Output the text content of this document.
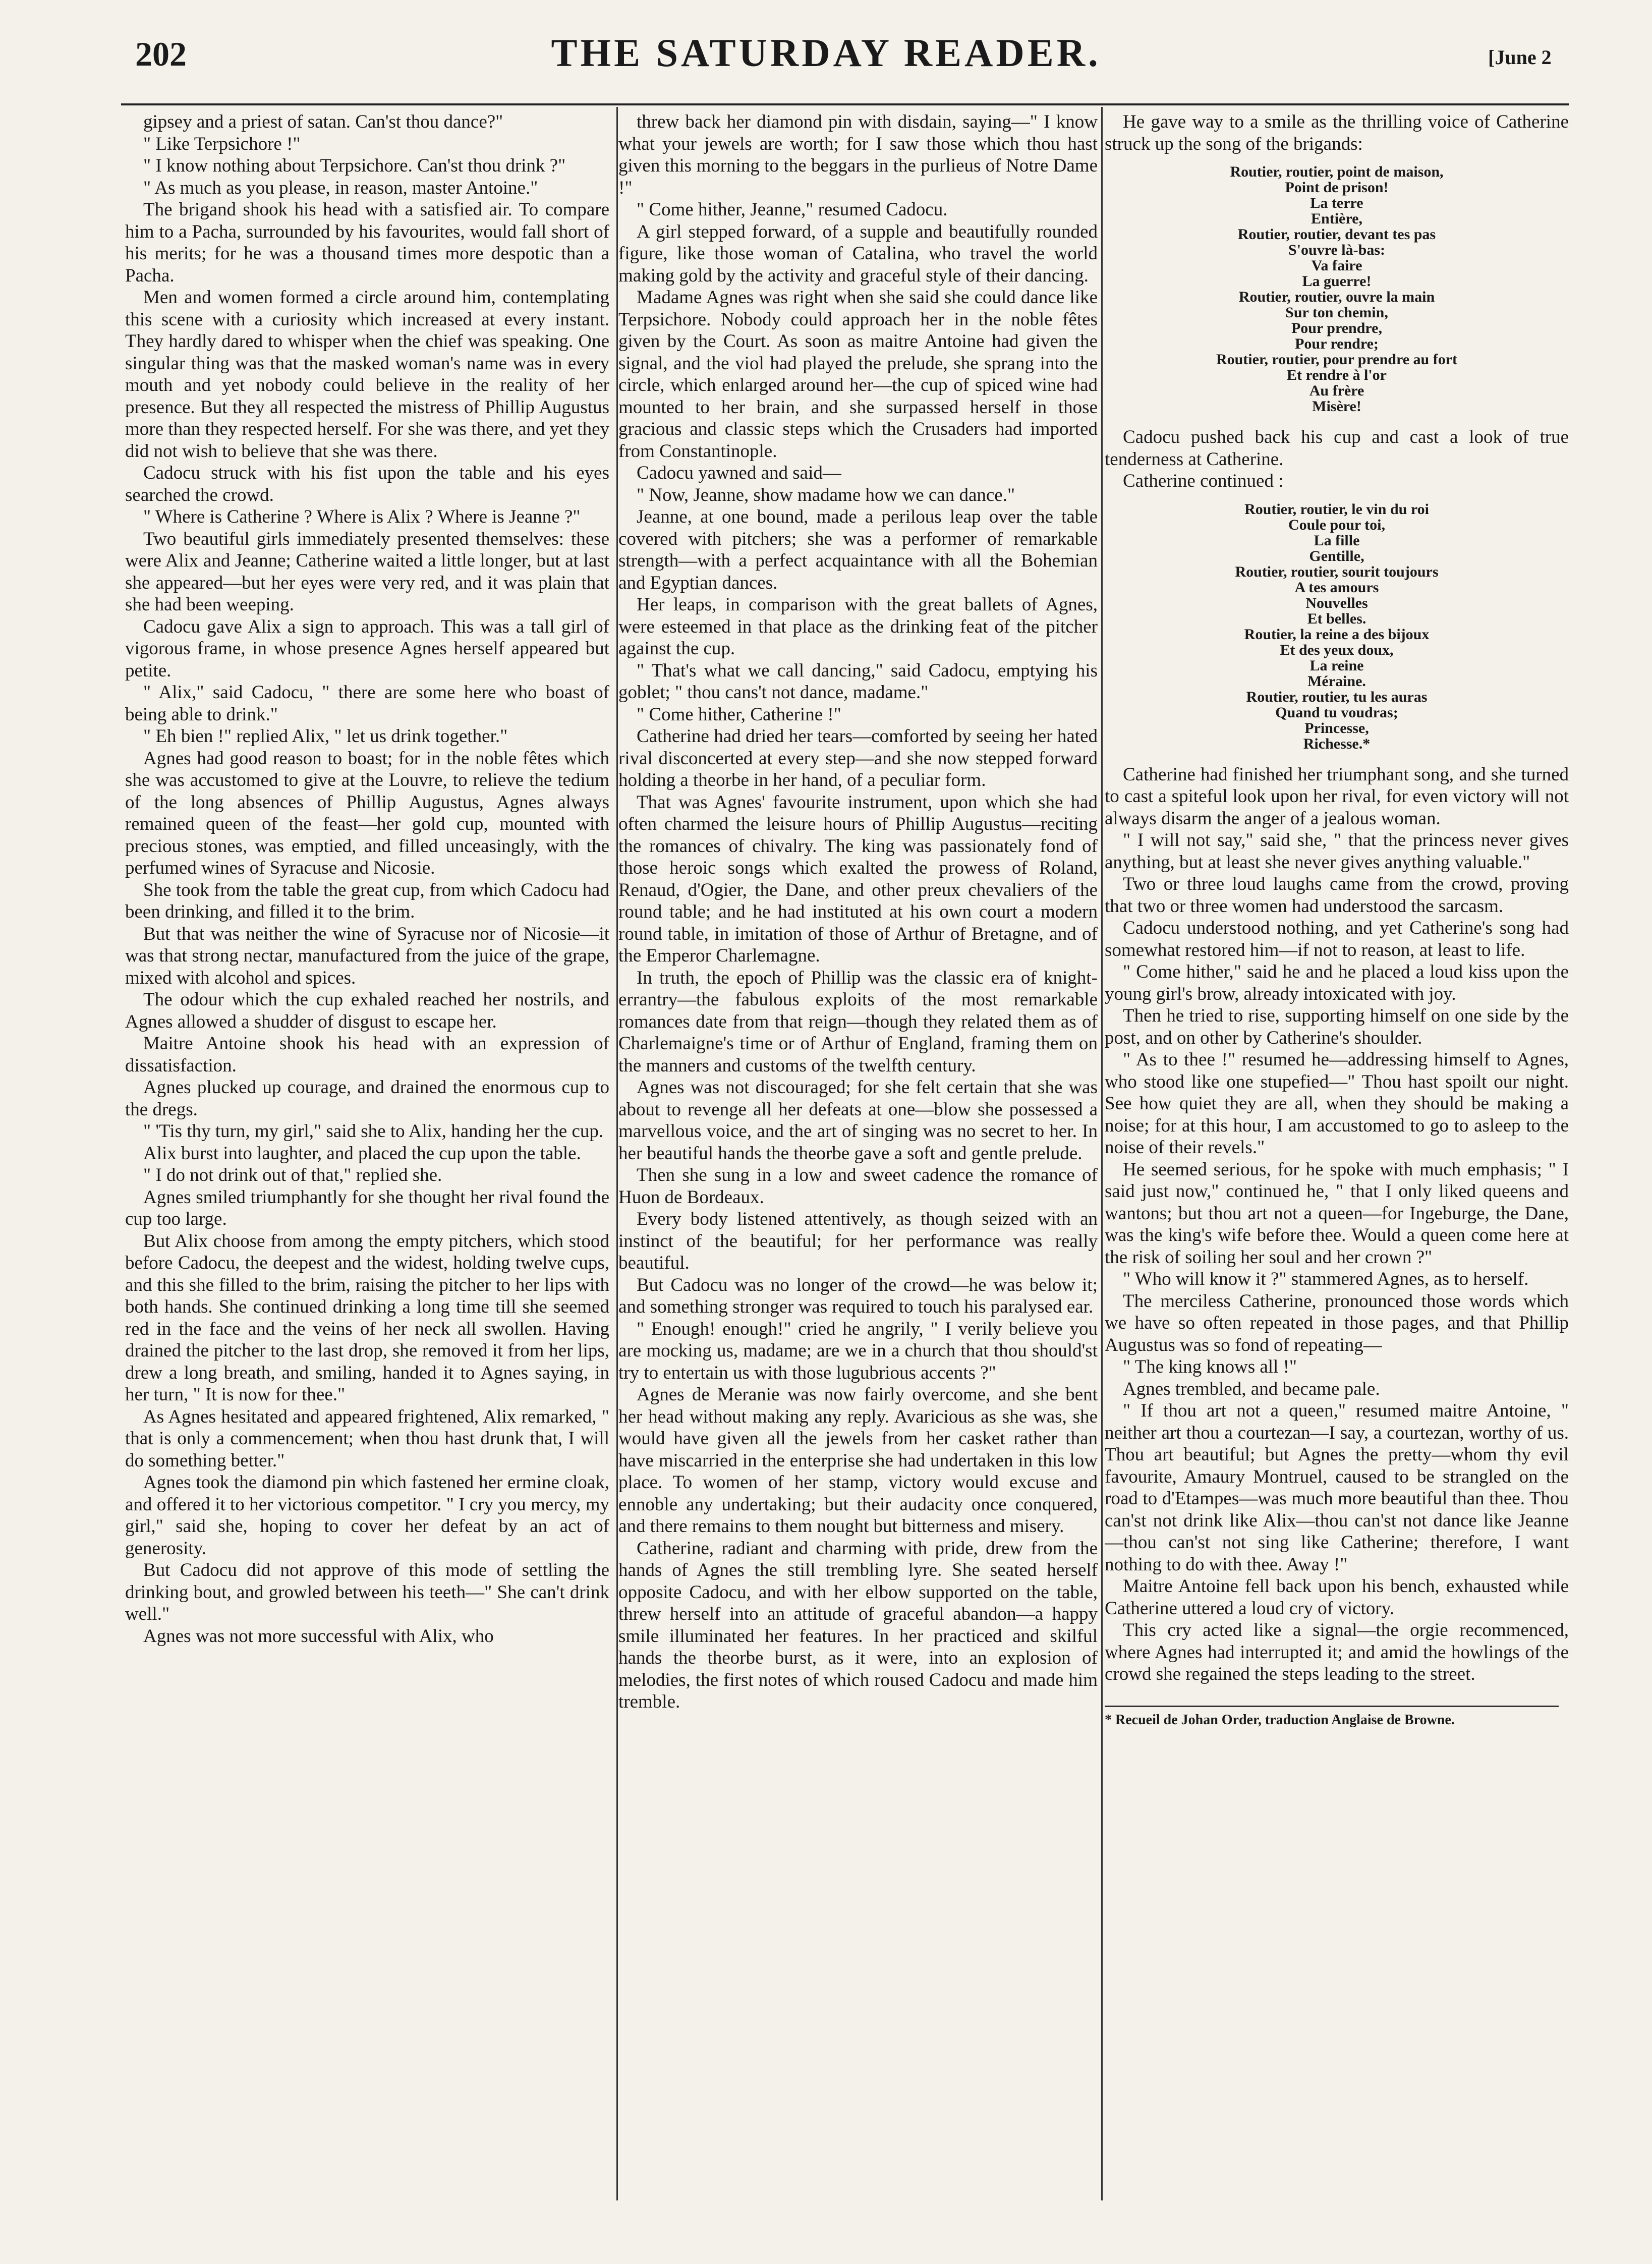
202	THE SATURDAY READER.	[June 2

gipsey and a priest of satan. Can'st thou dance?"

" Like Terpsichore !"

" I know nothing about Terpsichore. Can'st thou drink ?"

" As much as you please, in reason, master Antoine."

The brigand shook his head with a satisfied air. To compare him to a Pacha, surrounded by his favourites, would fall short of his merits; for he was a thousand times more despotic than a Pacha.

Men and women formed a circle around him, contemplating this scene with a curiosity which increased at every instant. They hardly dared to whisper when the chief was speaking. One singular thing was that the masked woman's name was in every mouth and yet nobody could believe in the reality of her presence. But they all respected the mistress of Phillip Augustus more than they respected herself. For she was there, and yet they did not wish to believe that she was there.

Cadocu struck with his fist upon the table and his eyes searched the crowd.

" Where is Catherine ? Where is Alix ? Where is Jeanne ?"

Two beautiful girls immediately presented themselves: these were Alix and Jeanne; Catherine waited a little longer, but at last she appeared—but her eyes were very red, and it was plain that she had been weeping.

Cadocu gave Alix a sign to approach. This was a tall girl of vigorous frame, in whose presence Agnes herself appeared but petite.

" Alix," said Cadocu, " there are some here who boast of being able to drink."

" Eh bien !" replied Alix, " let us drink together."

Agnes had good reason to boast; for in the noble fêtes which she was accustomed to give at the Louvre, to relieve the tedium of the long absences of Phillip Augustus, Agnes always remained queen of the feast—her gold cup, mounted with precious stones, was emptied, and filled unceasingly, with the perfumed wines of Syracuse and Nicosie.

She took from the table the great cup, from which Cadocu had been drinking, and filled it to the brim.

But that was neither the wine of Syracuse nor of Nicosie—it was that strong nectar, manufactured from the juice of the grape, mixed with alcohol and spices.

The odour which the cup exhaled reached her nostrils, and Agnes allowed a shudder of disgust to escape her.

Maitre Antoine shook his head with an expression of dissatisfaction.

Agnes plucked up courage, and drained the enormous cup to the dregs.

" 'Tis thy turn, my girl," said she to Alix, handing her the cup.

Alix burst into laughter, and placed the cup upon the table.

" I do not drink out of that," replied she.

Agnes smiled triumphantly for she thought her rival found the cup too large.

But Alix choose from among the empty pitchers, which stood before Cadocu, the deepest and the widest, holding twelve cups, and this she filled to the brim, raising the pitcher to her lips with both hands. She continued drinking a long time till she seemed red in the face and the veins of her neck all swollen. Having drained the pitcher to the last drop, she removed it from her lips, drew a long breath, and smiling, handed it to Agnes saying, in her turn, " It is now for thee."

As Agnes hesitated and appeared frightened, Alix remarked, " that is only a commencement; when thou hast drunk that, I will do something better."

Agnes took the diamond pin which fastened her ermine cloak, and offered it to her victorious competitor. " I cry you mercy, my girl," said she, hoping to cover her defeat by an act of generosity.

But Cadocu did not approve of this mode of settling the drinking bout, and growled between his teeth—" She can't drink well."

Agnes was not more successful with Alix, who

threw back her diamond pin with disdain, saying—" I know what your jewels are worth; for I saw those which thou hast given this morning to the beggars in the purlieus of Notre Dame !"

" Come hither, Jeanne," resumed Cadocu.

A girl stepped forward, of a supple and beautifully rounded figure, like those woman of Catalina, who travel the world making gold by the activity and graceful style of their dancing.

Madame Agnes was right when she said she could dance like Terpsichore. Nobody could approach her in the noble fêtes given by the Court. As soon as maitre Antoine had given the signal, and the viol had played the prelude, she sprang into the circle, which enlarged around her—the cup of spiced wine had mounted to her brain, and she surpassed herself in those gracious and classic steps which the Crusaders had imported from Constantinople.

Cadocu yawned and said—

" Now, Jeanne, show madame how we can dance."

Jeanne, at one bound, made a perilous leap over the table covered with pitchers; she was a performer of remarkable strength—with a perfect acquaintance with all the Bohemian and Egyptian dances.

Her leaps, in comparison with the great ballets of Agnes, were esteemed in that place as the drinking feat of the pitcher against the cup.

" That's what we call dancing," said Cadocu, emptying his goblet; " thou cans't not dance, madame."

" Come hither, Catherine !"

Catherine had dried her tears—comforted by seeing her hated rival disconcerted at every step—and she now stepped forward holding a theorbe in her hand, of a peculiar form.

That was Agnes' favourite instrument, upon which she had often charmed the leisure hours of Phillip Augustus—reciting the romances of chivalry. The king was passionately fond of those heroic songs which exalted the prowess of Roland, Renaud, d'Ogier, the Dane, and other preux chevaliers of the round table; and he had instituted at his own court a modern round table, in imitation of those of Arthur of Bretagne, and of the Emperor Charlemagne.

In truth, the epoch of Phillip was the classic era of knight-errantry—the fabulous exploits of the most remarkable romances date from that reign—though they related them as of Charlemaigne's time or of Arthur of England, framing them on the manners and customs of the twelfth century.

Agnes was not discouraged; for she felt certain that she was about to revenge all her defeats at one—blow she possessed a marvellous voice, and the art of singing was no secret to her. In her beautiful hands the theorbe gave a soft and gentle prelude.

Then she sung in a low and sweet cadence the romance of Huon de Bordeaux.

Every body listened attentively, as though seized with an instinct of the beautiful; for her performance was really beautiful.

But Cadocu was no longer of the crowd—he was below it; and something stronger was required to touch his paralysed ear.

" Enough! enough!" cried he angrily, " I verily believe you are mocking us, madame; are we in a church that thou should'st try to entertain us with those lugubrious accents ?"

Agnes de Meranie was now fairly overcome, and she bent her head without making any reply. Avaricious as she was, she would have given all the jewels from her casket rather than have miscarried in the enterprise she had undertaken in this low place. To women of her stamp, victory would excuse and ennoble any undertaking; but their audacity once conquered, and there remains to them nought but bitterness and misery.

Catherine, radiant and charming with pride, drew from the hands of Agnes the still trembling lyre. She seated herself opposite Cadocu, and with her elbow supported on the table, threw herself into an attitude of graceful abandon—a happy smile illuminated her features. In her practiced and skilful hands the theorbe burst, as it were, into an explosion of melodies, the first notes of which roused Cadocu and made him tremble.

He gave way to a smile as the thrilling voice of Catherine struck up the song of the brigands:

Routier, routier, point de maison,
Point de prison!
La terre
Entière,
Routier, routier, devant tes pas
S'ouvre là-bas:
Va faire
La guerre!
Routier, routier, ouvre la main
Sur ton chemin,
Pour prendre,
Pour rendre;
Routier, routier, pour prendre au fort
Et rendre à l'or
Au frère
Misère!

Cadocu pushed back his cup and cast a look of true tenderness at Catherine.

Catherine continued :

Routier, routier, le vin du roi
Coule pour toi,
La fille
Gentille,
Routier, routier, sourit toujours
A tes amours
Nouvelles
Et belles.
Routier, la reine a des bijoux
Et des yeux doux,
La reine
Méraine.
Routier, routier, tu les auras
Quand tu voudras;
Princesse,
Richesse.*

Catherine had finished her triumphant song, and she turned to cast a spiteful look upon her rival, for even victory will not always disarm the anger of a jealous woman.

" I will not say," said she, " that the princess never gives anything, but at least she never gives anything valuable."

Two or three loud laughs came from the crowd, proving that two or three women had understood the sarcasm.

Cadocu understood nothing, and yet Catherine's song had somewhat restored him—if not to reason, at least to life.

" Come hither," said he and he placed a loud kiss upon the young girl's brow, already intoxicated with joy.

Then he tried to rise, supporting himself on one side by the post, and on other by Catherine's shoulder.

" As to thee !" resumed he—addressing himself to Agnes, who stood like one stupefied—" Thou hast spoilt our night. See how quiet they are all, when they should be making a noise; for at this hour, I am accustomed to go to asleep to the noise of their revels."

He seemed serious, for he spoke with much emphasis; " I said just now," continued he, " that I only liked queens and wantons; but thou art not a queen—for Ingeburge, the Dane, was the king's wife before thee. Would a queen come here at the risk of soiling her soul and her crown ?"

" Who will know it ?" stammered Agnes, as to herself.

The merciless Catherine, pronounced those words which we have so often repeated in those pages, and that Phillip Augustus was so fond of repeating—

" The king knows all !"

Agnes trembled, and became pale.

" If thou art not a queen," resumed maitre Antoine, " neither art thou a courtezan—I say, a courtezan, worthy of us. Thou art beautiful; but Agnes the pretty—whom thy evil favourite, Amaury Montruel, caused to be strangled on the road to d'Etampes—was much more beautiful than thee. Thou can'st not drink like Alix—thou can'st not dance like Jeanne—thou can'st not sing like Catherine; therefore, I want nothing to do with thee. Away !"

Maitre Antoine fell back upon his bench, exhausted while Catherine uttered a loud cry of victory.

This cry acted like a signal—the orgie recommenced, where Agnes had interrupted it; and amid the howlings of the crowd she regained the steps leading to the street.

* Recueil de Johan Order, traduction Anglaise de Browne.
